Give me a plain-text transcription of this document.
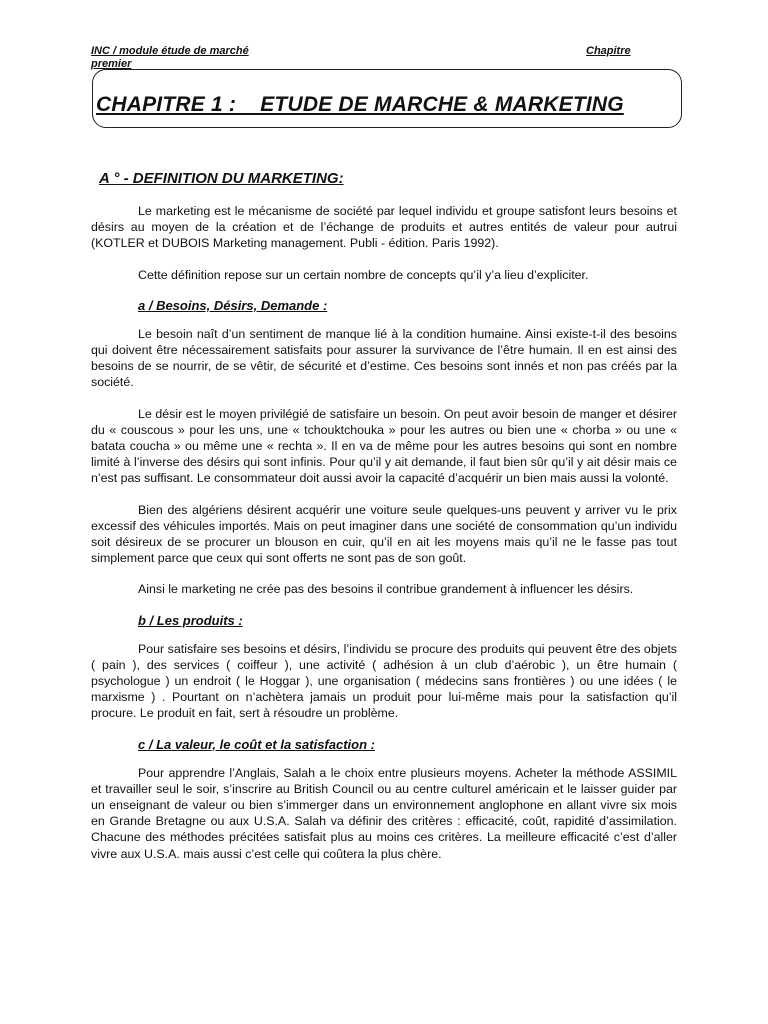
INC / module étude de marché
premier
Chapitre
CHAPITRE 1 :    ETUDE DE MARCHE & MARKETING
A ° - DEFINITION DU MARKETING:

Le marketing est le mécanisme de société par lequel individu et groupe satisfont leurs besoins et désirs au moyen de la création et de l’échange de produits et autres entités de valeur pour autrui (KOTLER et DUBOIS Marketing management. Publi - édition. Paris 1992).

Cette définition repose sur un certain nombre de concepts qu’il y’a lieu d’expliciter.

a / Besoins, Désirs, Demande :

Le besoin naît d’un sentiment de manque lié à la condition humaine. Ainsi existe-t-il des besoins qui doivent être nécessairement satisfaits pour assurer la survivance de l’être humain. Il en est ainsi des besoins de se nourrir, de se vêtir, de sécurité et d’estime. Ces besoins sont innés et non pas créés par la société.

Le désir est le moyen privilégié de satisfaire un besoin. On peut avoir besoin de manger et désirer du « couscous » pour les uns, une « tchouktchouka » pour les autres ou bien une « chorba » ou une « batata coucha » ou même une « rechta ». Il en va de même pour les autres besoins qui sont en nombre limité à l’inverse des désirs qui sont infinis. Pour qu’il y ait demande, il faut bien sûr qu’il y ait désir mais ce n’est pas suffisant. Le consommateur doit aussi avoir la capacité d’acquérir un bien mais aussi la volonté.

Bien des algériens désirent acquérir une voiture seule quelques-uns peuvent y arriver vu le prix excessif des véhicules importés. Mais on peut imaginer dans une société de consommation qu’un individu soit désireux de se procurer un blouson en cuir, qu’il en ait les moyens mais qu’il ne le fasse pas tout simplement parce que ceux qui sont offerts ne sont pas de son goût.

Ainsi le marketing ne crée pas des besoins il contribue grandement à influencer les désirs.

b / Les produits :

Pour satisfaire ses besoins et désirs, l’individu se procure des produits qui peuvent être des objets ( pain ), des services ( coiffeur ), une activité ( adhésion à un club d’aérobic ), un être humain ( psychologue ) un endroit ( le Hoggar ), une organisation ( médecins sans frontières ) ou une idées ( le marxisme ) . Pourtant on n’achètera jamais un produit pour lui-même mais pour la satisfaction qu’il procure. Le produit en fait, sert à résoudre un problème.

c / La valeur, le coût et la satisfaction :

Pour apprendre l’Anglais, Salah a le choix entre plusieurs moyens. Acheter la méthode ASSIMIL et travailler seul le soir, s’inscrire au British Council ou au centre culturel américain et le laisser guider par un enseignant de valeur ou bien s’immerger dans un environnement anglophone en allant vivre six mois en Grande Bretagne ou aux U.S.A. Salah va définir des critères : efficacité, coût, rapidité d’assimilation. Chacune des méthodes précitées satisfait plus au moins ces critères. La meilleure efficacité c’est d’aller vivre aux U.S.A. mais aussi c’est celle qui coûtera la plus chère.
